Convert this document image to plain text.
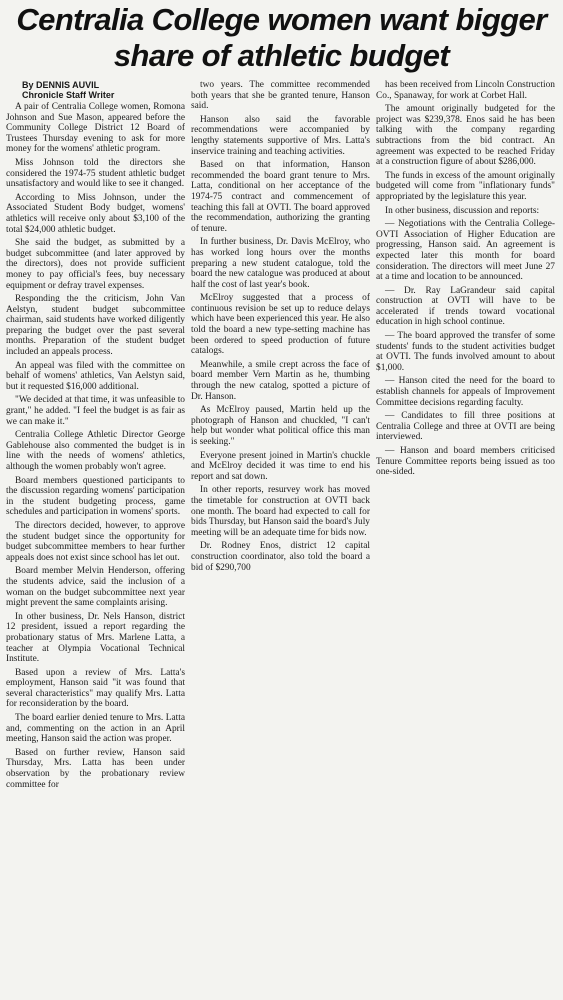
Centralia College women want bigger share of athletic budget
By DENNIS AUVIL
Chronicle Staff Writer

A pair of Centralia College women, Romona Johnson and Sue Mason, appeared before the Community College District 12 Board of Trustees Thursday evening to ask for more money for the womens' athletic program.

Miss Johnson told the directors she considered the 1974-75 student athletic budget unsatisfactory and would like to see it changed.

According to Miss Johnson, under the Associated Student Body budget, womens' athletics will receive only about $3,100 of the total $24,000 athletic budget.

She said the budget, as submitted by a budget subcommittee (and later approved by the directors), does not provide sufficient money to pay official's fees, buy necessary equipment or defray travel expenses.

Responding the the criticism, John Van Aelstyn, student budget subcommittee chairman, said students have worked diligently preparing the budget over the past several months. Preparation of the student budget included an appeals process.

An appeal was filed with the committee on behalf of womens' athletics, Van Aelstyn said, but it requested $16,000 additional.

"We decided at that time, it was unfeasible to grant," he added. "I feel the budget is as fair as we can make it."

Centralia College Athletic Director George Gablehouse also commented the budget is in line with the needs of womens' athletics, although the women probably won't agree.

Board members questioned participants to the discussion regarding womens' participation in the student budgeting process, game schedules and participation in womens' sports.

The directors decided, however, to approve the student budget since the opportunity for budget subcommittee members to hear further appeals does not exist since school has let out.

Board member Melvin Henderson, offering the students advice, said the inclusion of a woman on the budget subcommittee next year might prevent the same complaints arising.

In other business, Dr. Nels Hanson, district 12 president, issued a report regarding the probationary status of Mrs. Marlene Latta, a teacher at Olympia Vocational Technical Institute.

Based upon a review of Mrs. Latta's employment, Hanson said "it was found that several characteristics" may qualify Mrs. Latta for reconsideration by the board.

The board earlier denied tenure to Mrs. Latta and, commenting on the action in an April meeting, Hanson said the action was proper.

Based on further review, Hanson said Thursday, Mrs. Latta has been under observation by the probationary review committee for

two years. The committee recommended both years that she be granted tenure, Hanson said.

Hanson also said the favorable recommendations were accompanied by lengthy statements supportive of Mrs. Latta's inservice training and teaching activities.

Based on that information, Hanson recommended the board grant tenure to Mrs. Latta, conditional on her acceptance of the 1974-75 contract and commencement of teaching this fall at OVTI. The board approved the recommendation, authorizing the granting of tenure.

In further business, Dr. Davis McElroy, who has worked long hours over the months preparing a new student catalogue, told the board the new catalogue was produced at about half the cost of last year's book.

McElroy suggested that a process of continuous revision be set up to reduce delays which have been experienced this year. He also told the board a new type-setting machine has been ordered to speed production of future catalogs.

Meanwhile, a smile crept across the face of board member Vern Martin as he, thumbing through the new catalog, spotted a picture of Dr. Hanson.

As McElroy paused, Martin held up the photograph of Hanson and chuckled, "I can't help but wonder what political office this man is seeking."

Everyone present joined in Martin's chuckle and McElroy decided it was time to end his report and sat down.

In other reports, resurvey work has moved the timetable for construction at OVTI back one month. The board had expected to call for bids Thursday, but Hanson said the board's July meeting will be an adequate time for bids now.

Dr. Rodney Enos, district 12 capital construction coordinator, also told the board a bid of $290,700

has been received from Lincoln Construction Co., Spanaway, for work at Corbet Hall.

The amount originally budgeted for the project was $239,378. Enos said he has been talking with the company regarding subtractions from the bid contract. An agreement was expected to be reached Friday at a construction figure of about $286,000.

The funds in excess of the amount originally budgeted will come from "inflationary funds" appropriated by the legislature this year.

In other business, discussion and reports:

— Negotiations with the Centralia College-OVTI Association of Higher Education are progressing, Hanson said. An agreement is expected later this month for board consideration. The directors will meet June 27 at a time and location to be announced.

— Dr. Ray LaGrandeur said capital construction at OVTI will have to be accelerated if trends toward vocational education in high school continue.

— The board approved the transfer of some students' funds to the student activities budget at OVTI. The funds involved amount to about $1,000.

— Hanson cited the need for the board to establish channels for appeals of Improvement Committee decisions regarding faculty.

— Candidates to fill three positions at Centralia College and three at OVTI are being interviewed.

— Hanson and board members criticised Tenure Committee reports being issued as too one-sided.
